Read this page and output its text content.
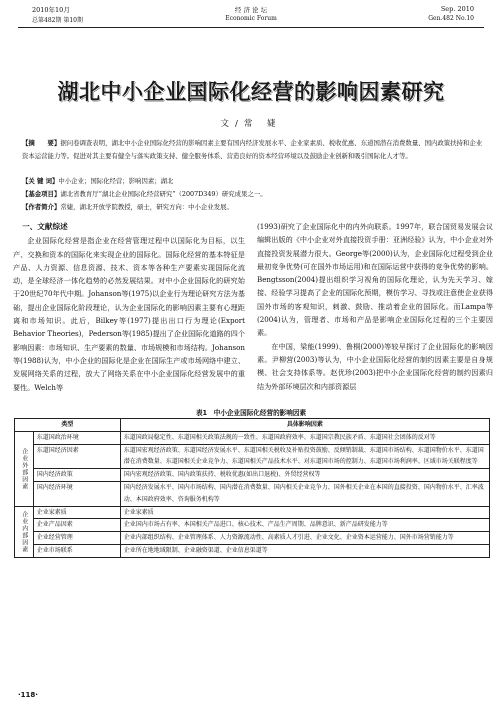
2010年10月	经 济 论 坛	Sep. 2010
总第482期 第10期	Economic Forum	Gen.482 No.10
湖北中小企业国际化经营的影响因素研究
文/常 婕
【摘　　要】据问卷调查表明，湖北中小企业国际化经营的影响因素主要有国内经济发展水平、企业家素质、税收优惠、东道国潜在消费数量、国内政策扶持和企业资本运营能力等。促进对其主要有健全与落实政策支持、健全服务体系、营造良好的资本经营环境以及鼓励企业创新和吸引国际化人才等。
【关 键 词】中小企业；国际化经营；影响因素；湖北
【基金项目】湖北省教育厅“湖北企业国际化经营研究”（2007D349）研究成果之一。
【作者简介】常婕，湖北开放学院教授，硕士，研究方向：中小企业发展。
一、文献综述

企业国际化经营是指企业在经营管理过程中以国际化为目标，以生产、交换和资本的国际化来实现企业的国际化。国际化经营的基本特征是产品、人力资源、信息资源、技术、资本等各种生产要素实现国际化流动，是全球经济一体化趋势的必然发展结果。对中小企业国际化的研究始于20世纪70年代中期。Johanson等(1975)以企业行为理论研究方法为基础，提出企业国际化阶段理论，认为企业国际化的影响因素主要有心理距离和市场知识。此后，Bilkey等(1977)提出出口行为理论(Export Behavior Theories)，Pederson等(1985)提出了企业国际化道路的四个影响因素：市场知识、生产要素的数量、市场规模和市场结构。Johanson等(1988)认为，中小企业的国际化是企业在国际生产或市场网络中建立、发展网络关系的过程，放大了网络关系在中小企业国际化经营发展中的重要性。Welch等

(1993)研究了企业国际化中的内外向联系。1997年，联合国贸易发展会议编辑出版的《中小企业对外直接投资手册：亚洲经验》认为，中小企业对外直接投资发展潜力很大。George等(2000)认为，企业国际化过程受到企业最初竞争优势(可在国外市场运用)和在国际运营中获得的竞争优势的影响。Bengtsson(2004)提出组织学习视角的国际化理论，认为先天学习、嫁接、经验学习提高了企业的国际化预期，模仿学习、寻找或注意使企业获得国外市场的客观知识，刺激、鼓励、推动着企业的国际化。而Lampa等(2004)认为，管理者、市场和产品是影响企业国际化过程的三个主要因素。

在中国，梁能(1999)、鲁桐(2000)等较早探讨了企业国际化的影响因素。尹柳营(2003)等认为，中小企业国际化经营的制约因素主要是自身规模、社会支持体系等。赵优珍(2003)把中小企业国际化经营的制约因素归结为外部环境层次和内部资源层

表1　中小企业国际化经营的影响因素
类型		具体影响因素
企业外部因素	东道国政治环境	东道国政局稳定性、东道国相关政策法规的一致性、东道国政府效率、东道国宗教民族矛盾、东道国社会团体的反对等
	东道国经济因素	东道国宏观经济政策、东道国经济发展水平、东道国相关税收及补贴投资鼓励、反倾销制裁、东道国市场结构、东道国物价水平、东道国潜在消费数量、东道国相关企业竞争力、东道国相关产品技术水平、对东道国市场的控制力、东道国市场利润率、区域市场关联程度等
	国内经济政策	国内宏观经济政策、国内政策扶持、税收优惠(如出口退税)、外贸经营权等
	国内经济环境	国内经济发展水平、国内市场结构、国内潜在消费数量、国内相关企业竞争力、国外相关企业在本国的直接投资、国内物价水平、汇率波动、本国政府效率、咨询服务机构等
企业内部因素	企业家素质	企业家素质
	企业产品因素	企业国内市场占有率、本国相关产品进口、核心技术、产品生产周期、品牌意识、新产品研发能力等
	企业经营管理	企业内部组织结构、企业管理体系、人力资源流动性、高素质人才引进、企业文化、企业资本运营能力、国外市场营销能力等
	企业市场联系	企业所在地地域限制、企业融资渠道、企业信息渠道等
·118·
